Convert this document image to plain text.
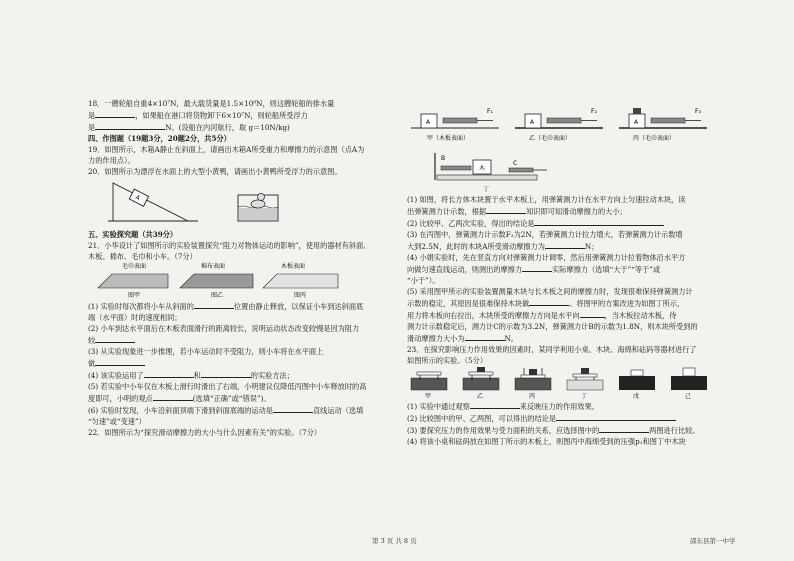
18．一艘轮船自重4×10⁷N，最大载货量是1.5×10⁸N，则这艘轮船的排水量
是	，如果船在港口将货物卸下6×10⁷N，则轮船所受浮力
是	N。(设船在内河航行，取 g＝10N/kg)
四、作图题（19题3分，20题2分，共5分）
19．如图所示，木箱A静止在斜面上，请画出木箱A所受重力和摩擦力的示意图（点A为
力的作用点）。
20．如图所示为漂浮在水面上的大型小黄鸭，请画出小黄鸭所受浮力的示意图。
A
五、实验探究题（共39分）
21．小华设计了如图所示的实验装置探究“阻力对物体运动的影响”，使用的器材有斜面、
木板、棉布、毛巾和小车。（7分）
毛巾表面	棉布表面	木板表面
图甲	图乙	图丙
(1) 实验时每次都将小车从斜面的	位置由静止释放，以保证小车到达斜面底
端（水平面）时的速度相同；
(2) 小车到达水平面后在木板表面滑行的距离较长，说明运动状态改变较慢是因为阻力
较
(3) 从实验现象进一步推理，若小车运动时不受阻力，则小车将在水平面上
做
(4) 该实验运用了	和	的实验方法；
(5) 若实验中小车仅在木板上滑行时滑出了右端，小明建议仅降低丙图中小车释放时的高
度即可，小明的观点	(选填“正确”或“错误”)。
(6) 实验时发现，小车沿斜面顶端下滑到斜面底端的运动是	直线运动（选填
“匀速”或“变速”）
22．如图所示为“探究滑动摩擦力的大小与什么因素有关”的实验。（7分）
A
F₁
甲（木板表面）
A
F₂
乙（毛巾表面）
A
F₃
丙（毛巾表面）
B
木
C
丁
(1) 如图，将长方体木块置于水平木板上，用弹簧测力计在水平方向上匀速拉动木块，读
出弹簧测力计示数，根据	知识即可知滑动摩擦力的大小；
(2) 比较甲、乙两次实验，得出的结论是
(3) 在丙图中，弹簧测力计示数F₃为2N，若弹簧测力计拉力增大，若弹簧测力计示数增
大到2.5N，此时的木块A所受滑动摩擦力为	N；
(4) 小娟实验时，先在竖直方向对弹簧测力计调零，然后用弹簧测力计拉着物体沿水平方
向做匀速直线运动，则测出的摩擦力	实际摩擦力（选填“大于”“等于”或
“小于”）。
(5) 采用图甲所示的实验装置测量木块与长木板之间的摩擦力时，发现很难保持弹簧测力计
示数的稳定，其原因是很难保持木块做	。将图甲的方案改进为如图丁所示，
用力将木板向右拉出，木块所受的摩擦力方向是水平向	，当木板拉动木板，待
测力计示数稳定后，测力计C的示数为3.2N，弹簧测力计B的示数为1.8N，则木块所受到的
滑动摩擦力大小为	N。
23．在探究影响压力作用效果的因素时，某同学利用小桌、木块、海绵和砝码等器材进行了
如图所示的实验。（5分）
甲	乙	丙	丁	戊	己
(1) 实验中通过观察	来反映压力的作用效果。
(2) 比较图中的甲、乙两图，可以得出的结论是
(3) 要探究压力的作用效果与受力面积的关系，应选择图中的	两图进行比较。
(4) 将该小桌和砝码放在如图丁所示的木板上，则图丙中海绵受到的压强p₁和图丁中木块
第 3 页 共 8 页	邵东县第一中学
